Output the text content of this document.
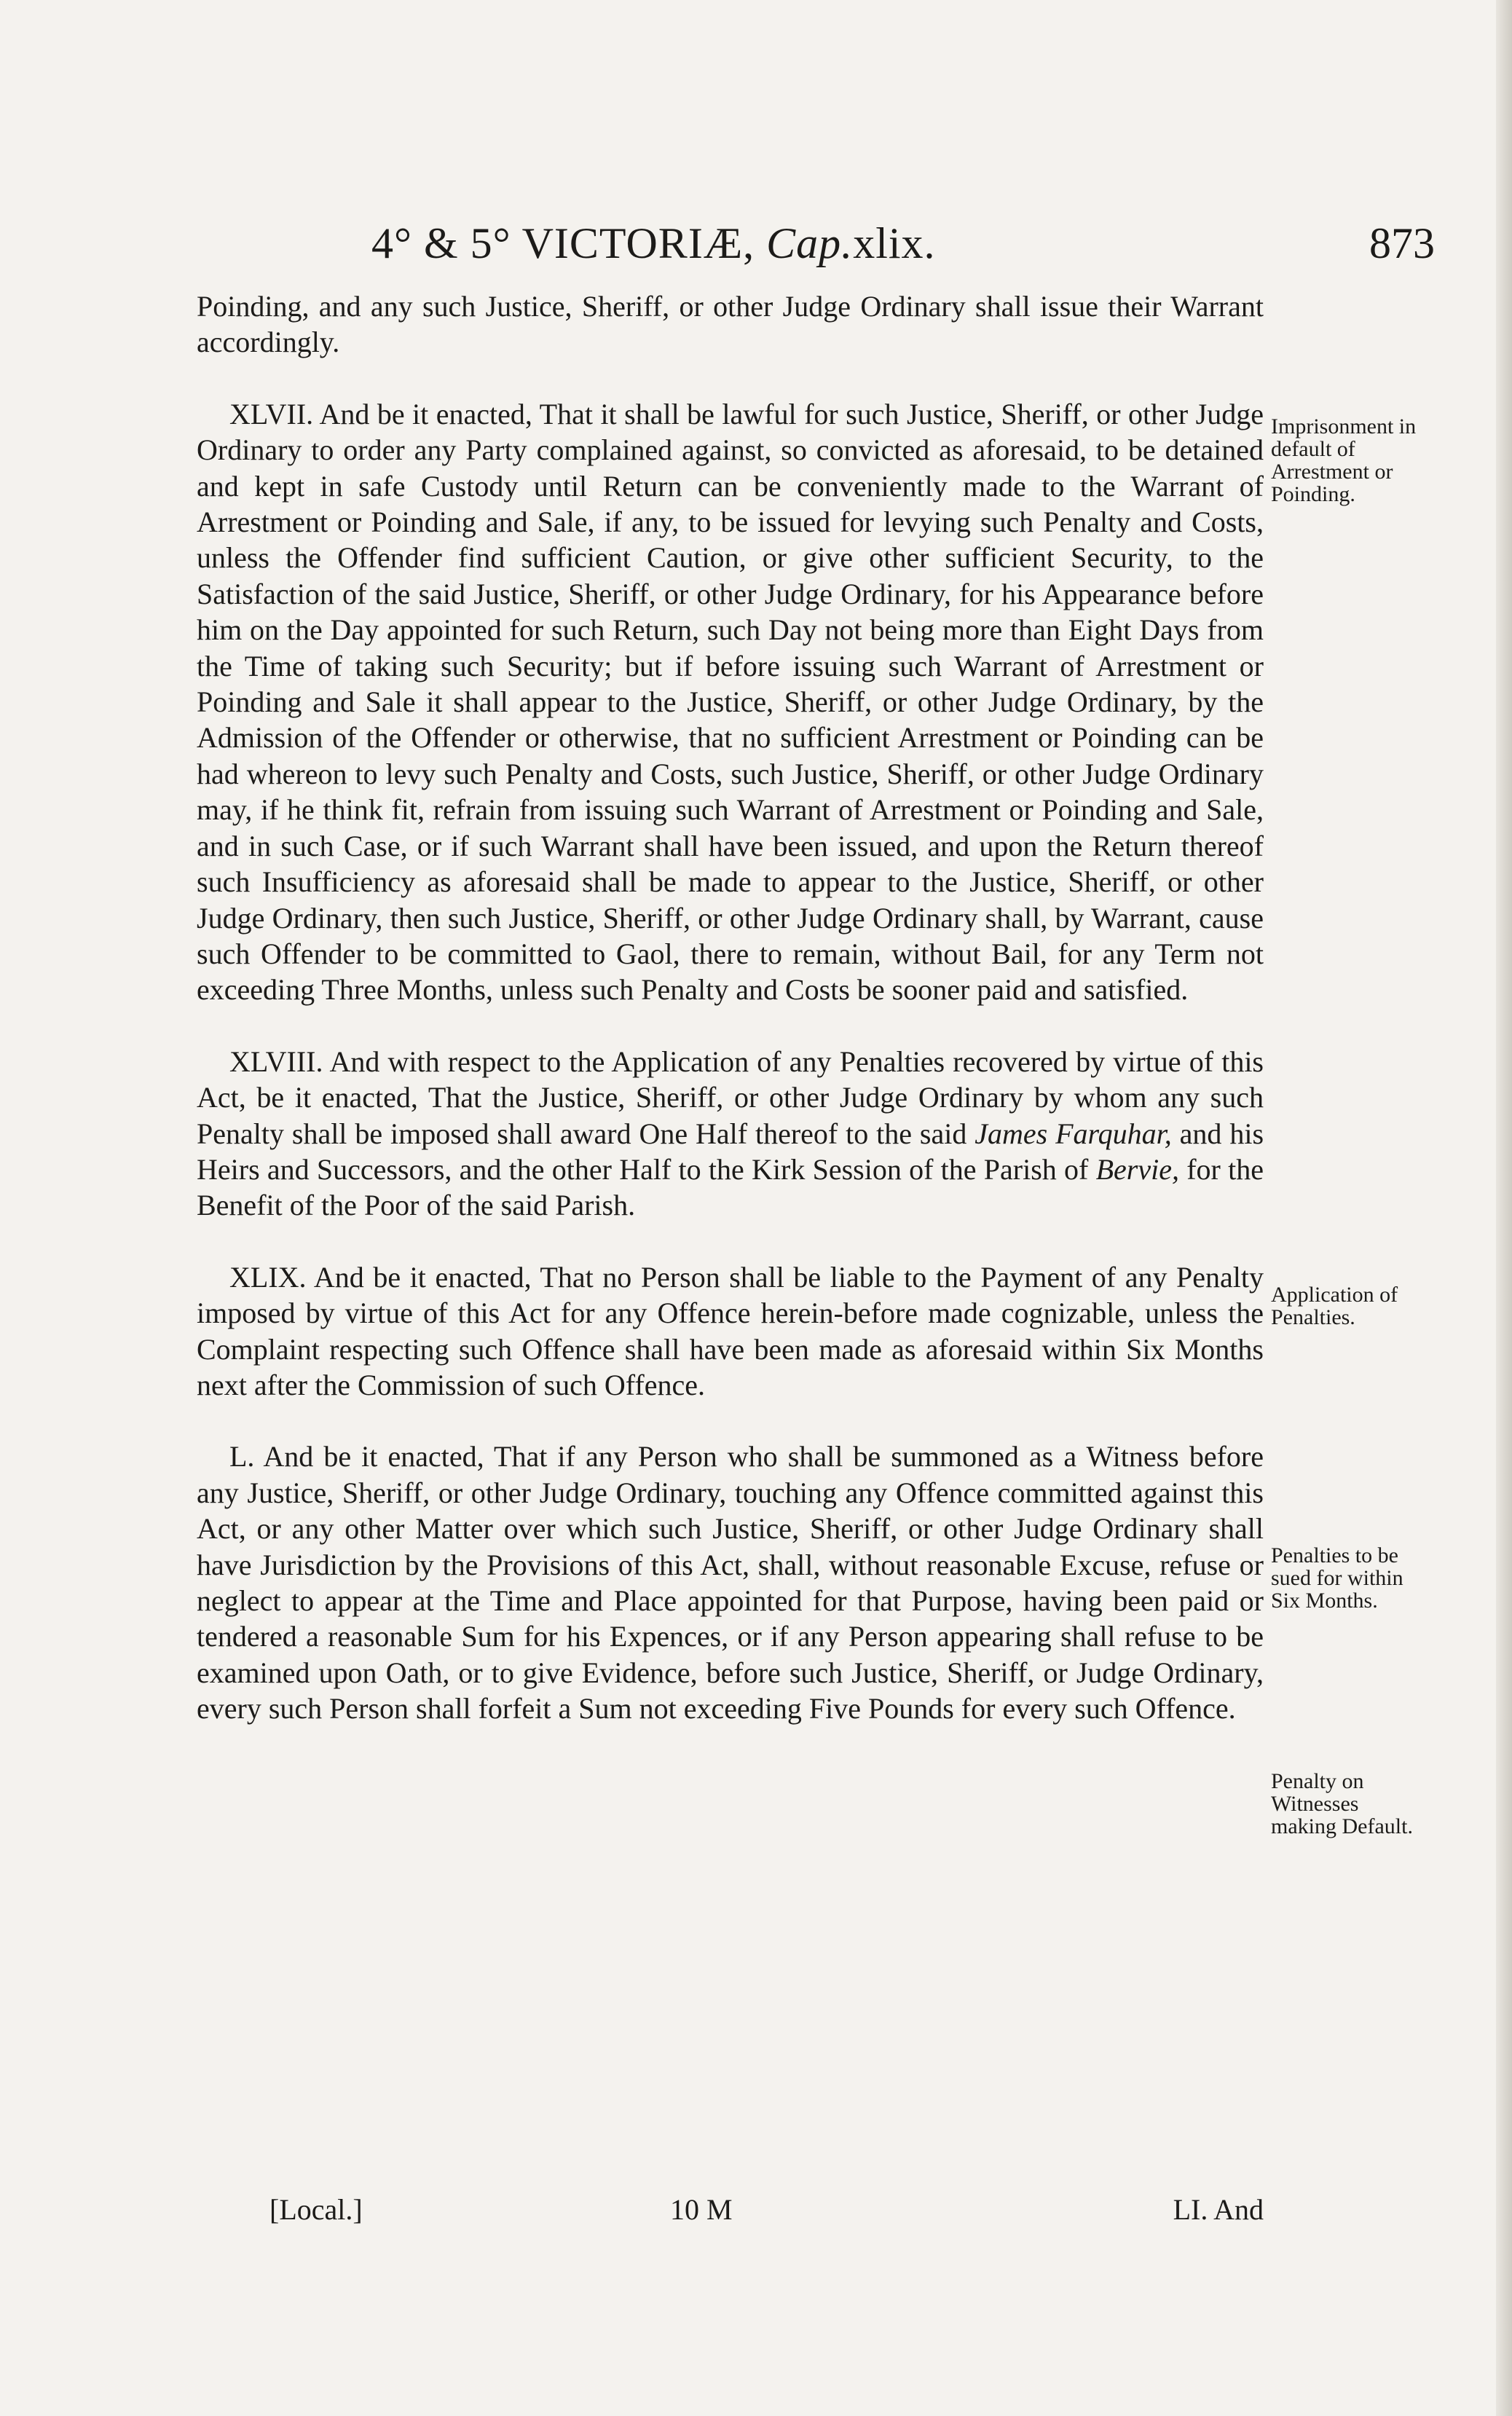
4° & 5° VICTORIÆ, Cap.xlix.	873

Poinding, and any such Justice, Sheriff, or other Judge Ordinary shall issue their Warrant accordingly.

XLVII. And be it enacted, That it shall be lawful for such Justice, Sheriff, or other Judge Ordinary to order any Party complained against, so convicted as aforesaid, to be detained and kept in safe Custody until Return can be conveniently made to the Warrant of Arrestment or Poinding and Sale, if any, to be issued for levying such Penalty and Costs, unless the Offender find sufficient Caution, or give other sufficient Security, to the Satisfaction of the said Justice, Sheriff, or other Judge Ordinary, for his Appearance before him on the Day appointed for such Return, such Day not being more than Eight Days from the Time of taking such Security; but if before issuing such Warrant of Arrestment or Poinding and Sale it shall appear to the Justice, Sheriff, or other Judge Ordinary, by the Admission of the Offender or otherwise, that no sufficient Arrestment or Poinding can be had whereon to levy such Penalty and Costs, such Justice, Sheriff, or other Judge Ordinary may, if he think fit, refrain from issuing such Warrant of Arrestment or Poinding and Sale, and in such Case, or if such Warrant shall have been issued, and upon the Return thereof such Insufficiency as aforesaid shall be made to appear to the Justice, Sheriff, or other Judge Ordinary, then such Justice, Sheriff, or other Judge Ordinary shall, by Warrant, cause such Offender to be committed to Gaol, there to remain, without Bail, for any Term not exceeding Three Months, unless such Penalty and Costs be sooner paid and satisfied.

XLVIII. And with respect to the Application of any Penalties recovered by virtue of this Act, be it enacted, That the Justice, Sheriff, or other Judge Ordinary by whom any such Penalty shall be imposed shall award One Half thereof to the said James Farquhar, and his Heirs and Successors, and the other Half to the Kirk Session of the Parish of Bervie, for the Benefit of the Poor of the said Parish.

XLIX. And be it enacted, That no Person shall be liable to the Payment of any Penalty imposed by virtue of this Act for any Offence herein-before made cognizable, unless the Complaint respecting such Offence shall have been made as aforesaid within Six Months next after the Commission of such Offence.

L. And be it enacted, That if any Person who shall be summoned as a Witness before any Justice, Sheriff, or other Judge Ordinary, touching any Offence committed against this Act, or any other Matter over which such Justice, Sheriff, or other Judge Ordinary shall have Jurisdiction by the Provisions of this Act, shall, without reasonable Excuse, refuse or neglect to appear at the Time and Place appointed for that Purpose, having been paid or tendered a reasonable Sum for his Expences, or if any Person appearing shall refuse to be examined upon Oath, or to give Evidence, before such Justice, Sheriff, or Judge Ordinary, every such Person shall forfeit a Sum not exceeding Five Pounds for every such Offence.

Imprisonment in default of Arrestment or Poinding.
Application of Penalties.
Penalties to be sued for within Six Months.
Penalty on Witnesses making Default.
[Local.]	10 M	LI. And
